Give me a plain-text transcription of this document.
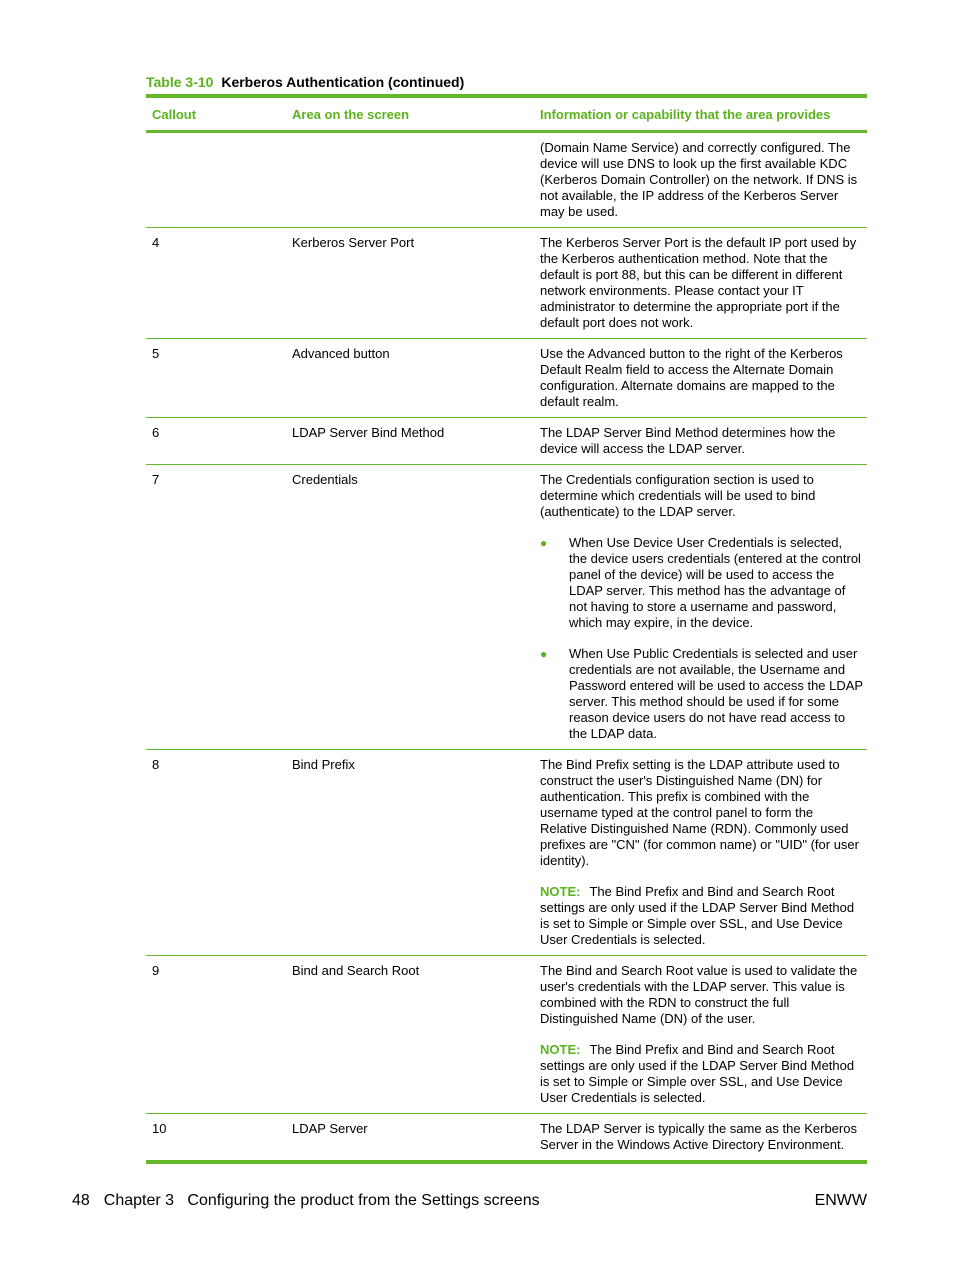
Table 3-10 Kerberos Authentication (continued)
Callout	Area on the screen	Information or capability that the area provides

(Domain Name Service) and correctly configured. The device will use DNS to look up the first available KDC (Kerberos Domain Controller) on the network. If DNS is not available, the IP address of the Kerberos Server may be used.

4	Kerberos Server Port	The Kerberos Server Port is the default IP port used by the Kerberos authentication method. Note that the default is port 88, but this can be different in different network environments. Please contact your IT administrator to determine the appropriate port if the default port does not work.

5	Advanced button	Use the Advanced button to the right of the Kerberos Default Realm field to access the Alternate Domain configuration. Alternate domains are mapped to the default realm.

6	LDAP Server Bind Method	The LDAP Server Bind Method determines how the device will access the LDAP server.

7	Credentials	The Credentials configuration section is used to determine which credentials will be used to bind (authenticate) to the LDAP server.

●	When Use Device User Credentials is selected, the device users credentials (entered at the control panel of the device) will be used to access the LDAP server. This method has the advantage of not having to store a username and password, which may expire, in the device.
●	When Use Public Credentials is selected and user credentials are not available, the Username and Password entered will be used to access the LDAP server. This method should be used if for some reason device users do not have read access to the LDAP data.
8	Bind Prefix	The Bind Prefix setting is the LDAP attribute used to construct the user's Distinguished Name (DN) for authentication. This prefix is combined with the username typed at the control panel to form the Relative Distinguished Name (RDN). Commonly used prefixes are "CN" (for common name) or "UID" (for user identity).

NOTE: The Bind Prefix and Bind and Search Root settings are only used if the LDAP Server Bind Method is set to Simple or Simple over SSL, and Use Device User Credentials is selected.

9	Bind and Search Root	The Bind and Search Root value is used to validate the user's credentials with the LDAP server. This value is combined with the RDN to construct the full Distinguished Name (DN) of the user.

NOTE: The Bind Prefix and Bind and Search Root settings are only used if the LDAP Server Bind Method is set to Simple or Simple over SSL, and Use Device User Credentials is selected.

10	LDAP Server	The LDAP Server is typically the same as the Kerberos Server in the Windows Active Directory Environment.

48 Chapter 3   Configuring the product from the Settings screens	ENWW
